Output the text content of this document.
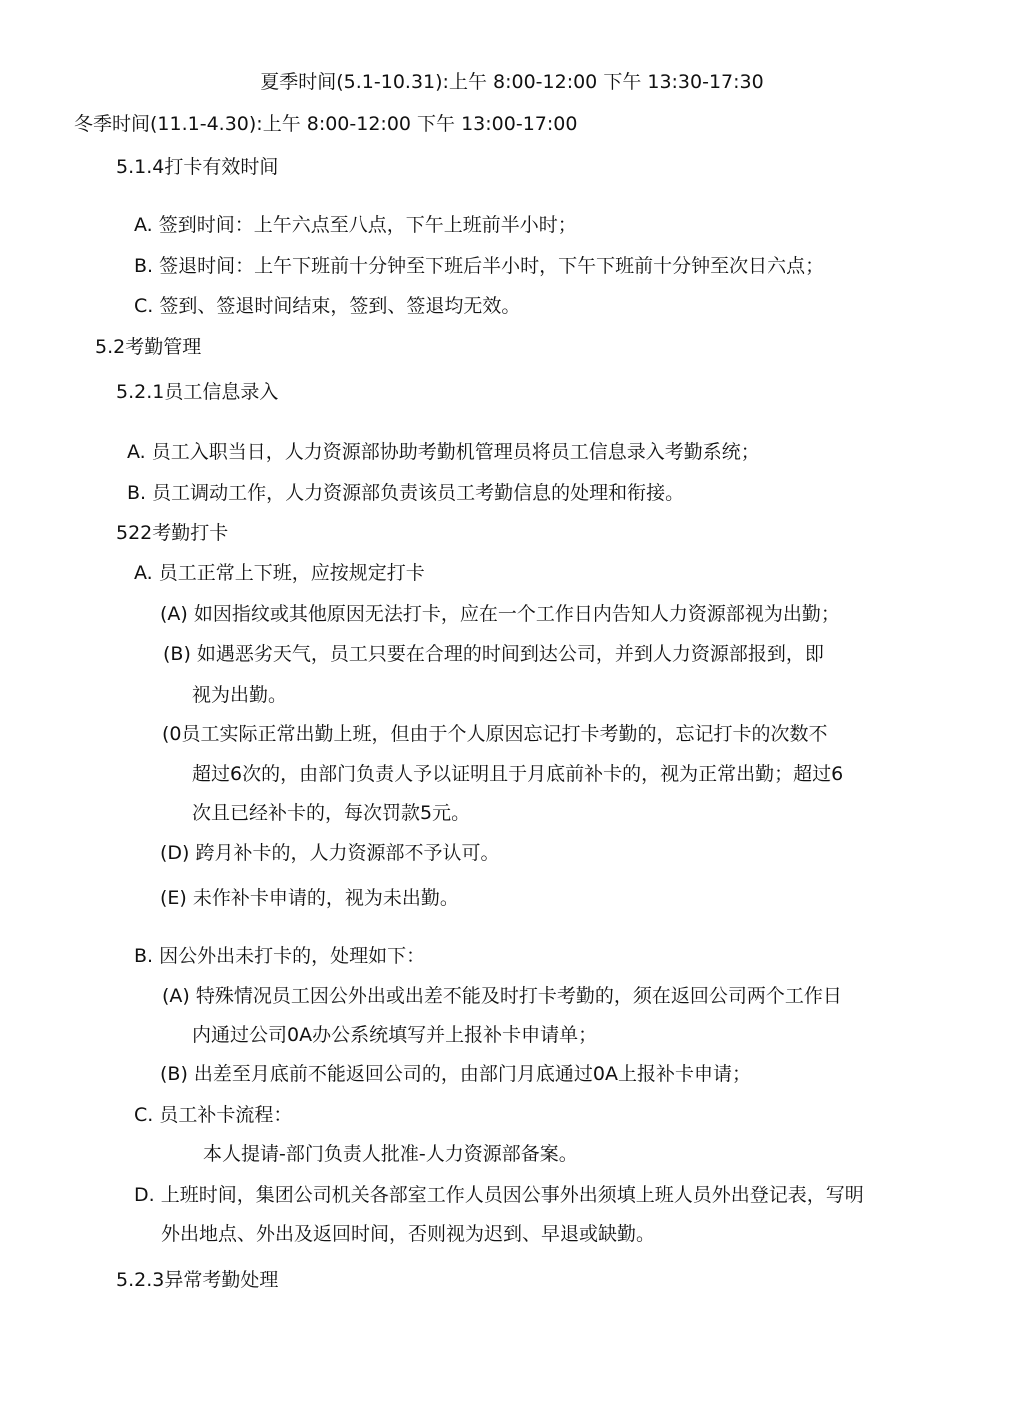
夏季时间(5.1-10.31):上午 8:00-12:00 下午 13:30-17:30
冬季时间(11.1-4.30):上午 8:00-12:00 下午 13:00-17:00
5.1.4打卡有效时间
A. 签到时间：上午六点至八点，下午上班前半小时；
B. 签退时间：上午下班前十分钟至下班后半小时，下午下班前十分钟至次日六点；
C. 签到、签退时间结束，签到、签退均无效。
5.2考勤管理
5.2.1员工信息录入
A. 员工入职当日，人力资源部协助考勤机管理员将员工信息录入考勤系统；
B. 员工调动工作，人力资源部负责该员工考勤信息的处理和衔接。
522考勤打卡
A. 员工正常上下班，应按规定打卡
(A) 如因指纹或其他原因无法打卡，应在一个工作日内告知人力资源部视为出勤；
(B) 如遇恶劣天气，员工只要在合理的时间到达公司，并到人力资源部报到，即
视为出勤。
(0员工实际正常出勤上班，但由于个人原因忘记打卡考勤的，忘记打卡的次数不
超过6次的，由部门负责人予以证明且于月底前补卡的，视为正常出勤；超过6
次且已经补卡的，每次罚款5元。
(D) 跨月补卡的，人力资源部不予认可。
(E) 未作补卡申请的，视为未出勤。
B. 因公外出未打卡的，处理如下：
(A) 特殊情况员工因公外出或出差不能及时打卡考勤的，须在返回公司两个工作日
内通过公司0A办公系统填写并上报补卡申请单；
(B) 出差至月底前不能返回公司的，由部门月底通过0A上报补卡申请；
C. 员工补卡流程：
本人提请-部门负责人批准-人力资源部备案。
D. 上班时间，集团公司机关各部室工作人员因公事外出须填上班人员外出登记表，写明
外出地点、外出及返回时间，否则视为迟到、早退或缺勤。
5.2.3异常考勤处理
